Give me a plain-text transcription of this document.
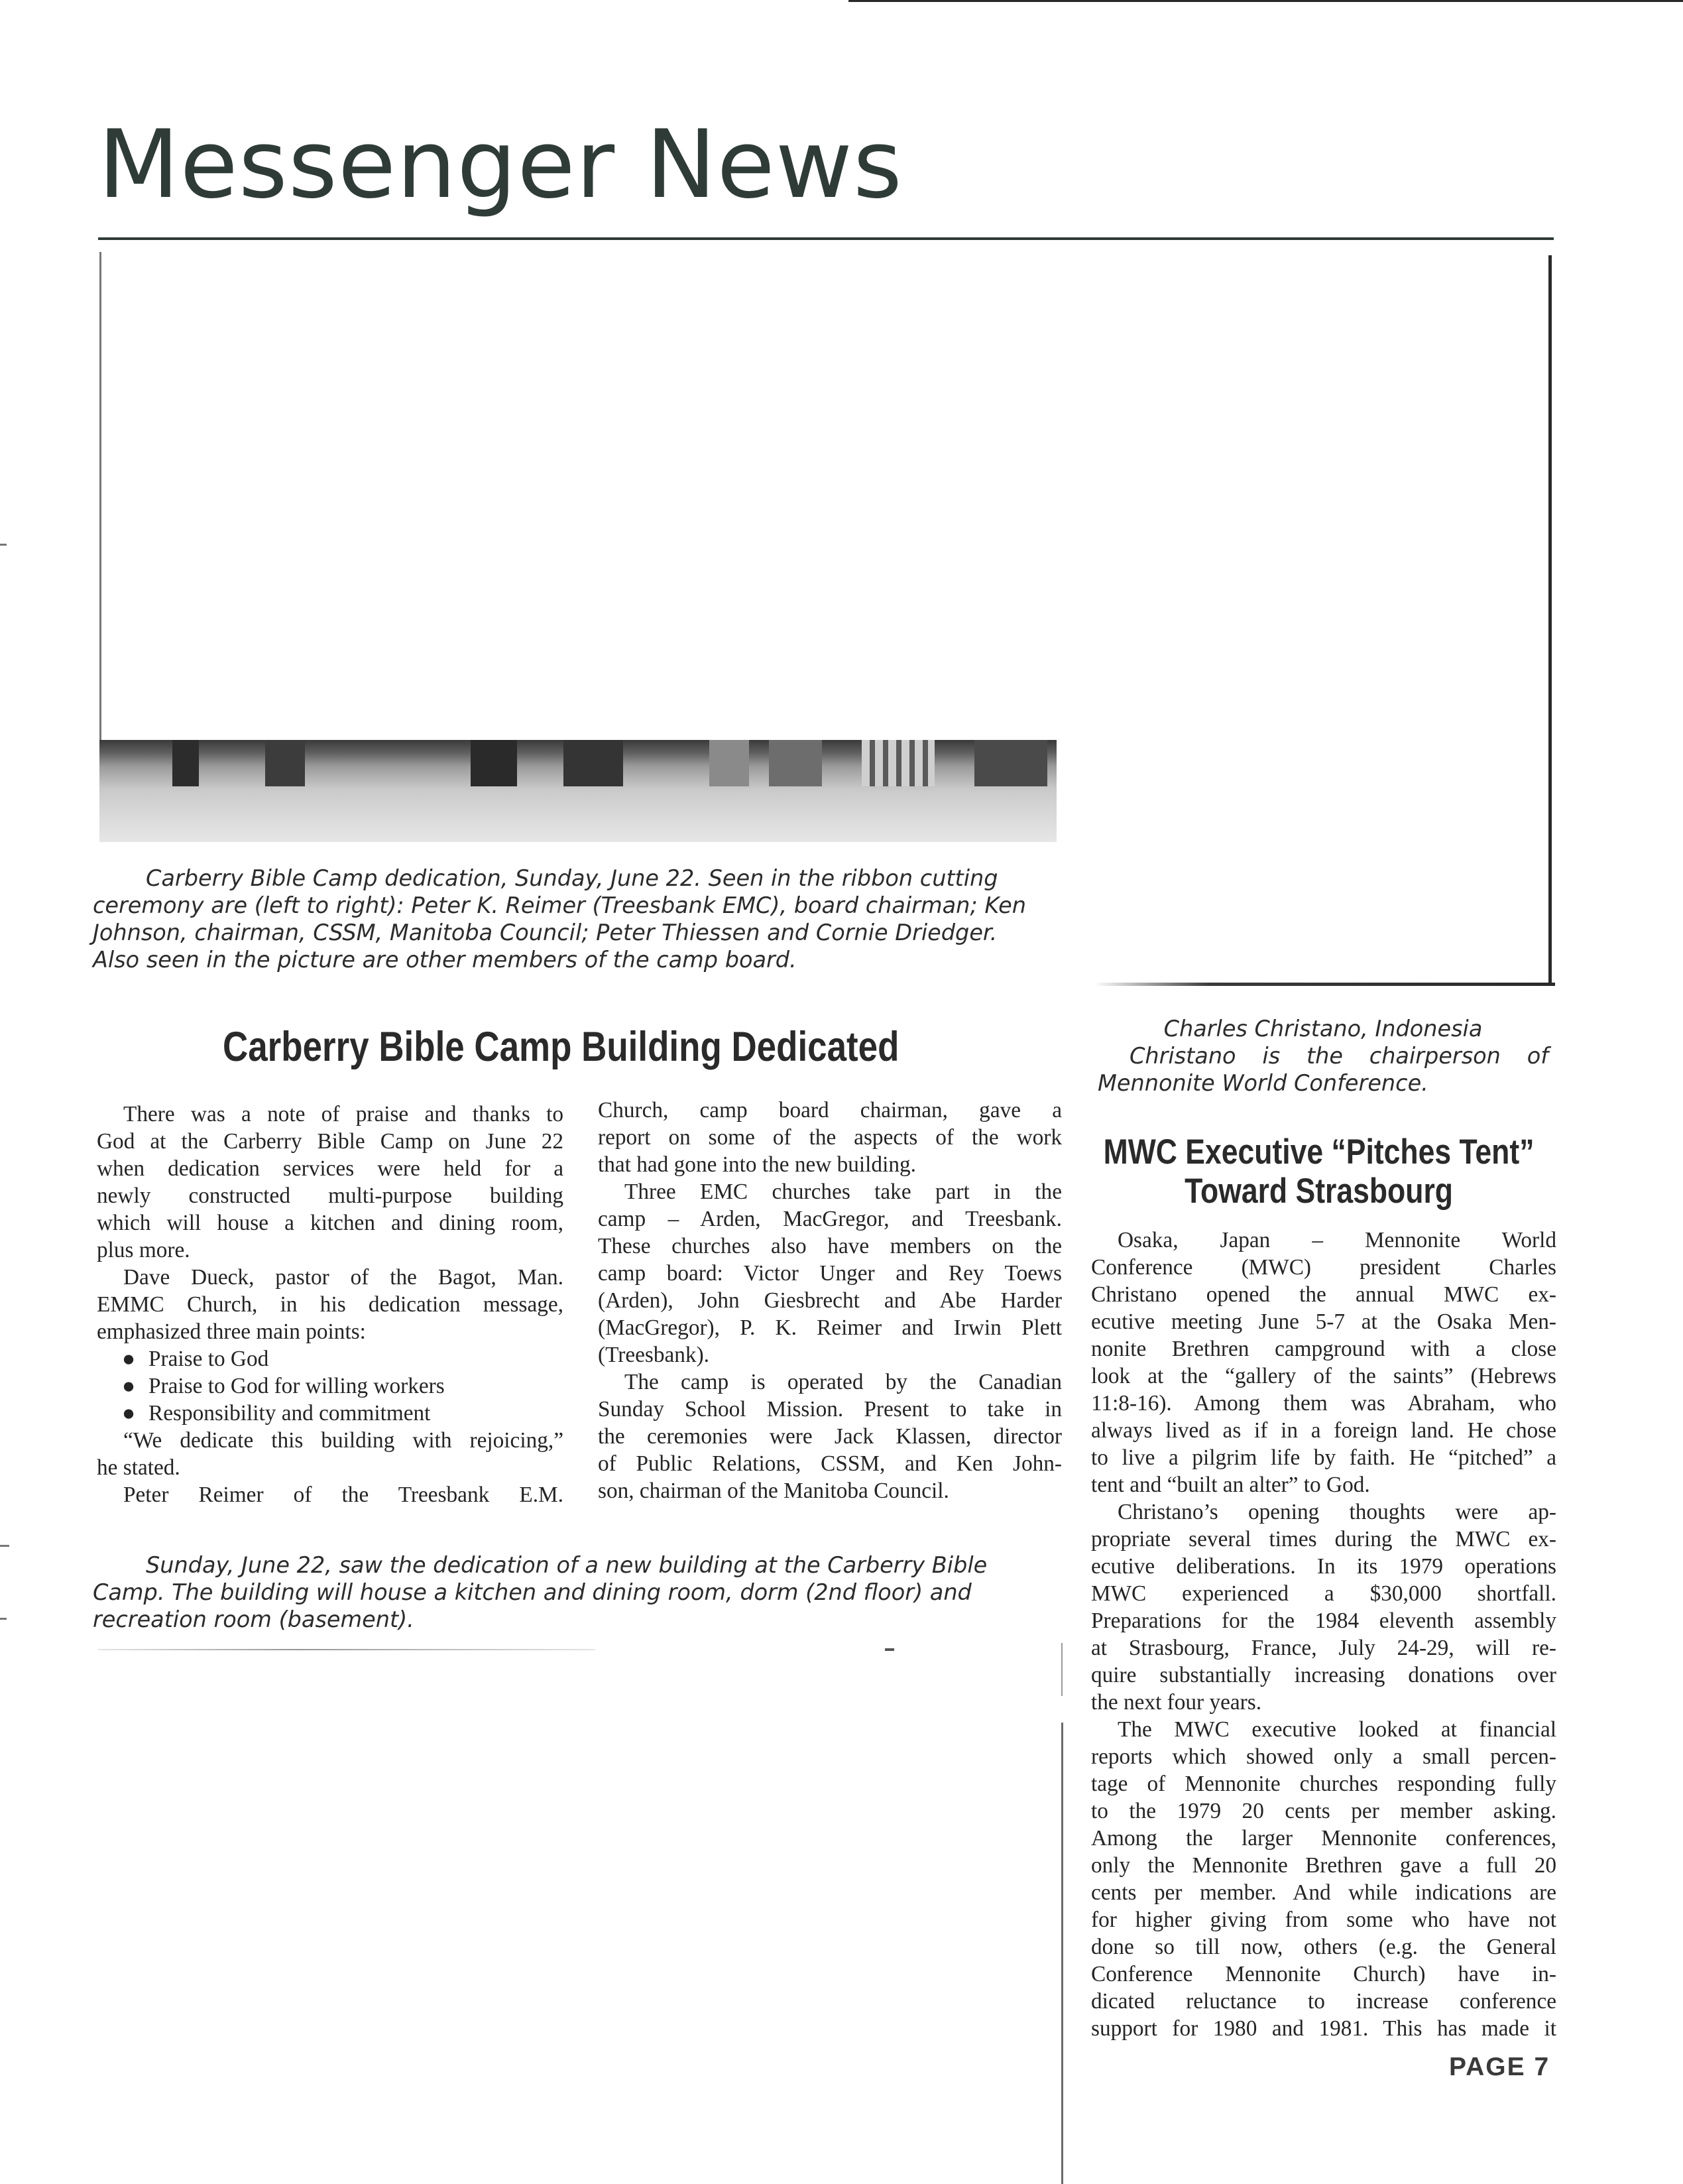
Messenger News
Carberry Bible Camp dedication, Sunday, June 22. Seen in the ribbon cutting
ceremony are (left to right): Peter K. Reimer (Treesbank EMC), board chairman; Ken
Johnson, chairman, CSSM, Manitoba Council; Peter Thiessen and Cornie Driedger.
Also seen in the picture are other members of the camp board.
Charles Christano, Indonesia
Christano is the chairperson of
Mennonite World Conference.
Carberry Bible Camp Building Dedicated
There was a note of praise and thanks to
God at the Carberry Bible Camp on June 22
when dedication services were held for a
newly constructed multi-purpose building
which will house a kitchen and dining room,
plus more.
Dave Dueck, pastor of the Bagot, Man.
EMMC Church, in his dedication message,
emphasized three main points:
● Praise to God
● Praise to God for willing workers
● Responsibility and commitment
“We dedicate this building with rejoicing,”
he stated.
Peter Reimer of the Treesbank E.M.
Church, camp board chairman, gave a
report on some of the aspects of the work
that had gone into the new building.
Three EMC churches take part in the
camp – Arden, MacGregor, and Treesbank.
These churches also have members on the
camp board: Victor Unger and Rey Toews
(Arden), John Giesbrecht and Abe Harder
(MacGregor), P. K. Reimer and Irwin Plett
(Treesbank).
The camp is operated by the Canadian
Sunday School Mission. Present to take in
the ceremonies were Jack Klassen, director
of Public Relations, CSSM, and Ken John-
son, chairman of the Manitoba Council.
Sunday, June 22, saw the dedication of a new building at the Carberry Bible
Camp. The building will house a kitchen and dining room, dorm (2nd floor) and
recreation room (basement).
MWC Executive “Pitches Tent”
Toward Strasbourg
Osaka, Japan – Mennonite World
Conference (MWC) president Charles
Christano opened the annual MWC ex-
ecutive meeting June 5-7 at the Osaka Men-
nonite Brethren campground with a close
look at the “gallery of the saints” (Hebrews
11:8-16). Among them was Abraham, who
always lived as if in a foreign land. He chose
to live a pilgrim life by faith. He “pitched” a
tent and “built an alter” to God.
Christano’s opening thoughts were ap-
propriate several times during the MWC ex-
ecutive deliberations. In its 1979 operations
MWC experienced a $30,000 shortfall.
Preparations for the 1984 eleventh assembly
at Strasbourg, France, July 24-29, will re-
quire substantially increasing donations over
the next four years.
The MWC executive looked at financial
reports which showed only a small percen-
tage of Mennonite churches responding fully
to the 1979 20 cents per member asking.
Among the larger Mennonite conferences,
only the Mennonite Brethren gave a full 20
cents per member. And while indications are
for higher giving from some who have not
done so till now, others (e.g. the General
Conference Mennonite Church) have in-
dicated reluctance to increase conference
support for 1980 and 1981. This has made it
PAGE 7
